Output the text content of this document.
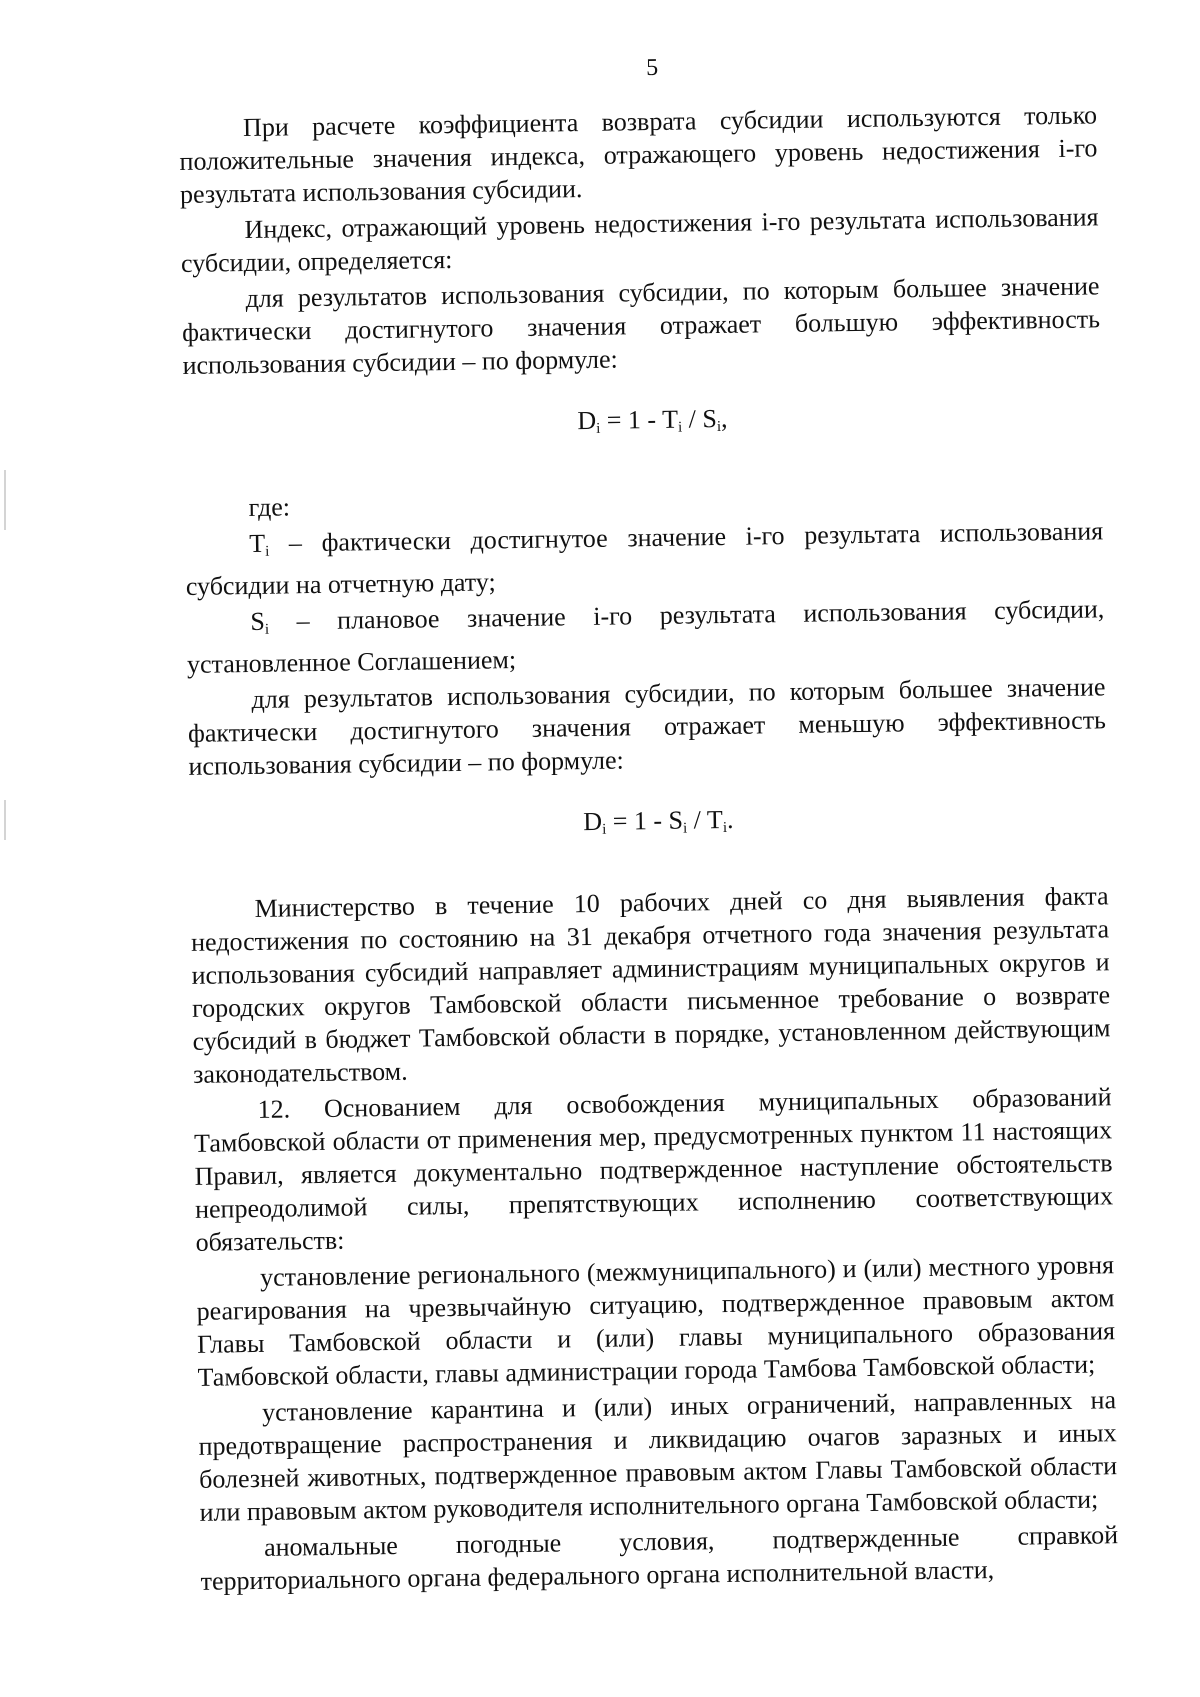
5

При расчете коэффициента возврата субсидии используются только положительные значения индекса, отражающего уровень недостижения i-го результата использования субсидии.

Индекс, отражающий уровень недостижения i-го результата использования субсидии, определяется:

для результатов использования субсидии, по которым большее значение фактически достигнутого значения отражает большую эффективность использования субсидии – по формуле:

$D_i = 1 - T_i / S_i$,

где:

$T_i$ – фактически достигнутое значение i-го результата использования субсидии на отчетную дату;

$S_i$ – плановое значение i-го результата использования субсидии, установленное Соглашением;

для результатов использования субсидии, по которым большее значение фактически достигнутого значения отражает меньшую эффективность использования субсидии – по формуле:

$D_i = 1 - S_i / T_i$.

Министерство в течение 10 рабочих дней со дня выявления факта недостижения по состоянию на 31 декабря отчетного года значения результата использования субсидий направляет администрациям муниципальных округов и городских округов Тамбовской области письменное требование о возврате субсидий в бюджет Тамбовской области в порядке, установленном действующим законодательством.

12. Основанием для освобождения муниципальных образований Тамбовской области от применения мер, предусмотренных пунктом 11 настоящих Правил, является документально подтвержденное наступление обстоятельств непреодолимой силы, препятствующих исполнению соответствующих обязательств:

установление регионального (межмуниципального) и (или) местного уровня реагирования на чрезвычайную ситуацию, подтвержденное правовым актом Главы Тамбовской области и (или) главы муниципального образования Тамбовской области, главы администрации города Тамбова Тамбовской области;

установление карантина и (или) иных ограничений, направленных на предотвращение распространения и ликвидацию очагов заразных и иных болезней животных, подтвержденное правовым актом Главы Тамбовской области или правовым актом руководителя исполнительного органа Тамбовской области;

аномальные погодные условия, подтвержденные справкой территориального органа федерального органа исполнительной власти,
